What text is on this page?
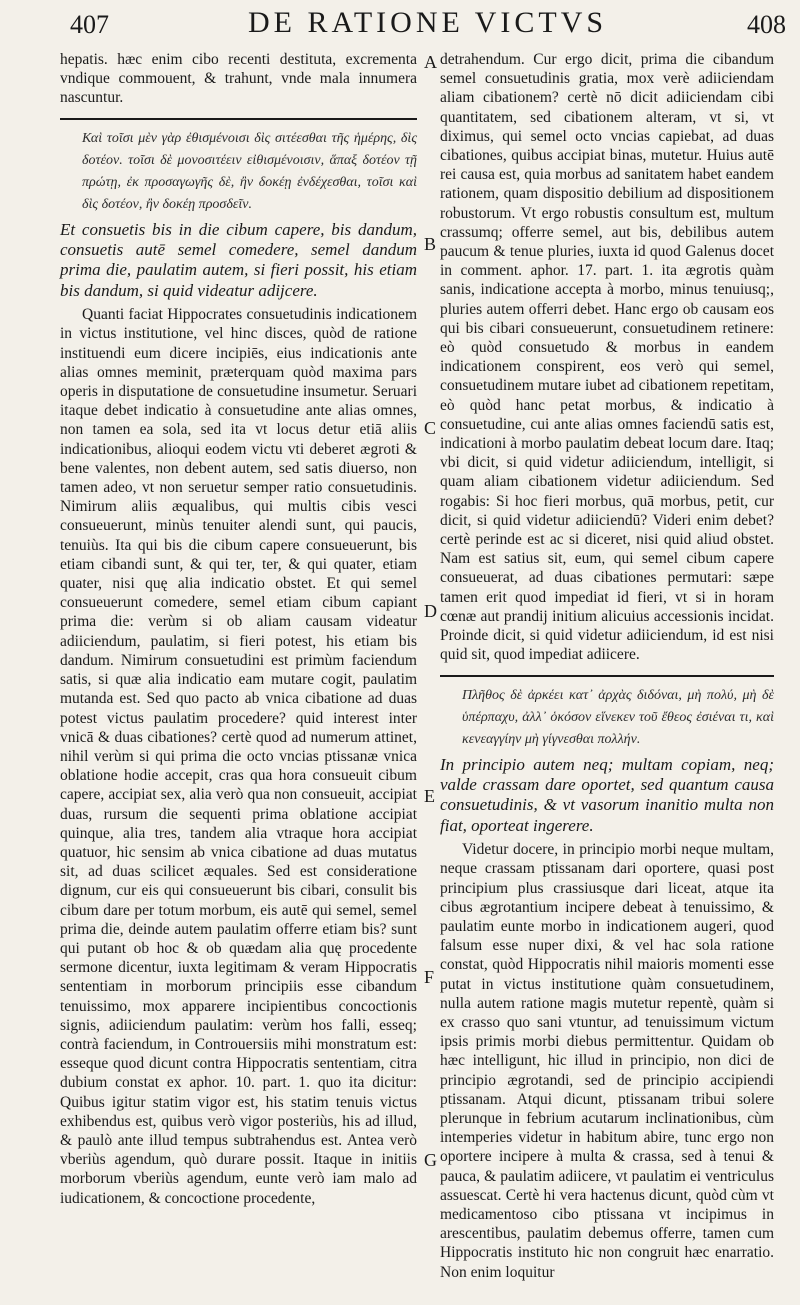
407	DE RATIONE VICTVS	408

hepatis. hæc enim cibo recenti destituta, excrementa vndique commouent, & trahunt, vnde mala innumera nascuntur.

Καὶ τοῖσι μὲν γὰρ ἐθισμένοισι δὶς σιτέεσθαι τῆς ἡμέρης, δὶς δοτέον. τοῖσι δὲ μονοσιτέειν εἰθισμένοισιν, ἅπαξ δοτέον τῇ πρώτῃ, ἐκ προσαγωγῆς δὲ, ἢν δοκέῃ ἐνδέχεσθαι, τοῖσι καὶ δὶς δοτέον, ἢν δοκέῃ προσδεῖν.

Et consuetis bis in die cibum capere, bis dandum, consuetis autē semel comedere, semel dandum prima die, paulatim autem, si fieri possit, his etiam bis dandum, si quid videatur adijcere.

Quanti faciat Hippocrates consuetudinis indicationem in victus institutione, vel hinc disces, quòd de ratione instituendi eum dicere incipiēs, eius indicationis ante alias omnes meminit, præterquam quòd maxima pars operis in disputatione de consuetudine insumetur. Seruari itaque debet indicatio à consuetudine ante alias omnes, non tamen ea sola, sed ita vt locus detur etiā aliis indicationibus, alioqui eodem victu vti deberet ægroti & bene valentes, non debent autem, sed satis diuerso, non tamen adeo, vt non seruetur semper ratio consuetudinis. Nimirum aliis æqualibus, qui multis cibis vesci consueuerunt, minùs tenuiter alendi sunt, qui paucis, tenuiùs. Ita qui bis die cibum capere consueuerunt, bis etiam cibandi sunt, & qui ter, ter, & qui quater, etiam quater, nisi quę alia indicatio obstet. Et qui semel consueuerunt comedere, semel etiam cibum capiant prima die: verùm si ob aliam causam videatur adiiciendum, paulatim, si fieri potest, his etiam bis dandum. Nimirum consuetudini est primùm faciendum satis, si quæ alia indicatio eam mutare cogit, paulatim mutanda est. Sed quo pacto ab vnica cibatione ad duas potest victus paulatim procedere? quid interest inter vnicā & duas cibationes? certè quod ad numerum attinet, nihil verùm si qui prima die octo vncias ptissanæ vnica oblatione hodie accepit, cras qua hora consueuit cibum capere, accipiat sex, alia verò qua non consueuit, accipiat duas, rursum die sequenti prima oblatione accipiat quinque, alia tres, tandem alia vtraque hora accipiat quatuor, hic sensim ab vnica cibatione ad duas mutatus sit, ad duas scilicet æquales. Sed est consideratione dignum, cur eis qui consueuerunt bis cibari, consulit bis cibum dare per totum morbum, eis autē qui semel, semel prima die, deinde autem paulatim offerre etiam bis? sunt qui putant ob hoc & ob quædam alia quę procedente sermone dicentur, iuxta legitimam & veram Hippocratis sententiam in morborum principiis esse cibandum tenuissimo, mox apparere incipientibus concoctionis signis, adiiciendum paulatim: verùm hos falli, esseq; contrà faciendum, in Controuersiis mihi monstratum est: esseque quod dicunt contra Hippocratis sententiam, citra dubium constat ex aphor. 10. part. 1. quo ita dicitur: Quibus igitur statim vigor est, his statim tenuis victus exhibendus est, quibus verò vigor posteriùs, his ad illud, & paulò ante illud tempus subtrahendus est. Antea verò vberiùs agendum, quò durare possit. Itaque in initiis morborum vberiùs agendum, eunte verò iam malo ad iudicationem, & concoctione procedente,

detrahendum. Cur ergo dicit, prima die cibandum semel consuetudinis gratia, mox verè adiiciendam aliam cibationem? certè nō dicit adiiciendam cibi quantitatem, sed cibationem alteram, vt si, vt diximus, qui semel octo vncias capiebat, ad duas cibationes, quibus accipiat binas, mutetur. Huius autē rei causa est, quia morbus ad sanitatem habet eandem rationem, quam dispositio debilium ad dispositionem robustorum. Vt ergo robustis consultum est, multum crassumq; offerre semel, aut bis, debilibus autem paucum & tenue pluries, iuxta id quod Galenus docet in comment. aphor. 17. part. 1. ita ægrotis quàm sanis, indicatione accepta à morbo, minus tenuiusq;, pluries autem offerri debet. Hanc ergo ob causam eos qui bis cibari consueuerunt, consuetudinem retinere: eò quòd consuetudo & morbus in eandem indicationem conspirent, eos verò qui semel, consuetudinem mutare iubet ad cibationem repetitam, eò quòd hanc petat morbus, & indicatio à consuetudine, cui ante alias omnes faciendū satis est, indicationi à morbo paulatim debeat locum dare. Itaq; vbi dicit, si quid videtur adiiciendum, intelligit, si quam aliam cibationem videtur adiiciendum. Sed rogabis: Si hoc fieri morbus, quā morbus, petit, cur dicit, si quid videtur adiiciendū? Videri enim debet? certè perinde est ac si diceret, nisi quid aliud obstet. Nam est satius sit, eum, qui semel cibum capere consueuerat, ad duas cibationes permutari: sæpe tamen erit quod impediat id fieri, vt si in horam cœnæ aut prandij initium alicuius accessionis incidat. Proinde dicit, si quid videtur adiiciendum, id est nisi quid sit, quod impediat adiicere.

Πλῆθος δὲ ἀρκέει κατ᾽ ἀρχὰς διδόναι, μὴ πολύ, μὴ δὲ ὑπέρπαχυ, ἀλλ᾽ ὁκόσον εἵνεκεν τοῦ ἔθεος ἐσιέναι τι, καὶ κενεαγγίην μὴ γίγνεσθαι πολλήν.

In principio autem neq; multam copiam, neq; valde crassam dare oportet, sed quantum causa consuetudinis, & vt vasorum inanitio multa non fiat, oporteat ingerere.

Videtur docere, in principio morbi neque multam, neque crassam ptissanam dari oportere, quasi post principium plus crassiusque dari liceat, atque ita cibus ægrotantium incipere debeat à tenuissimo, & paulatim eunte morbo in indicationem augeri, quod falsum esse nuper dixi, & vel hac sola ratione constat, quòd Hippocratis nihil maioris momenti esse putat in victus institutione quàm consuetudinem, nulla autem ratione magis mutetur repentè, quàm si ex crasso quo sani vtuntur, ad tenuissimum victum ipsis primis morbi diebus permittentur. Quidam ob hæc intelligunt, hic illud in principio, non dici de principio ægrotandi, sed de principio accipiendi ptissanam. Atqui dicunt, ptissanam tribui solere plerunque in febrium acutarum inclinationibus, cùm intemperies videtur in habitum abire, tunc ergo non oportere incipere à multa & crassa, sed à tenui & pauca, & paulatim adiicere, vt paulatim ei ventriculus assuescat. Certè hi vera hactenus dicunt, quòd cùm vt medicamentoso cibo ptissana vt incipimus in arescentibus, paulatim debemus offerre, tamen cum Hippocratis instituto hic non congruit hæc enarratio. Non enim loquitur

A
B
C
D
E
F
G
